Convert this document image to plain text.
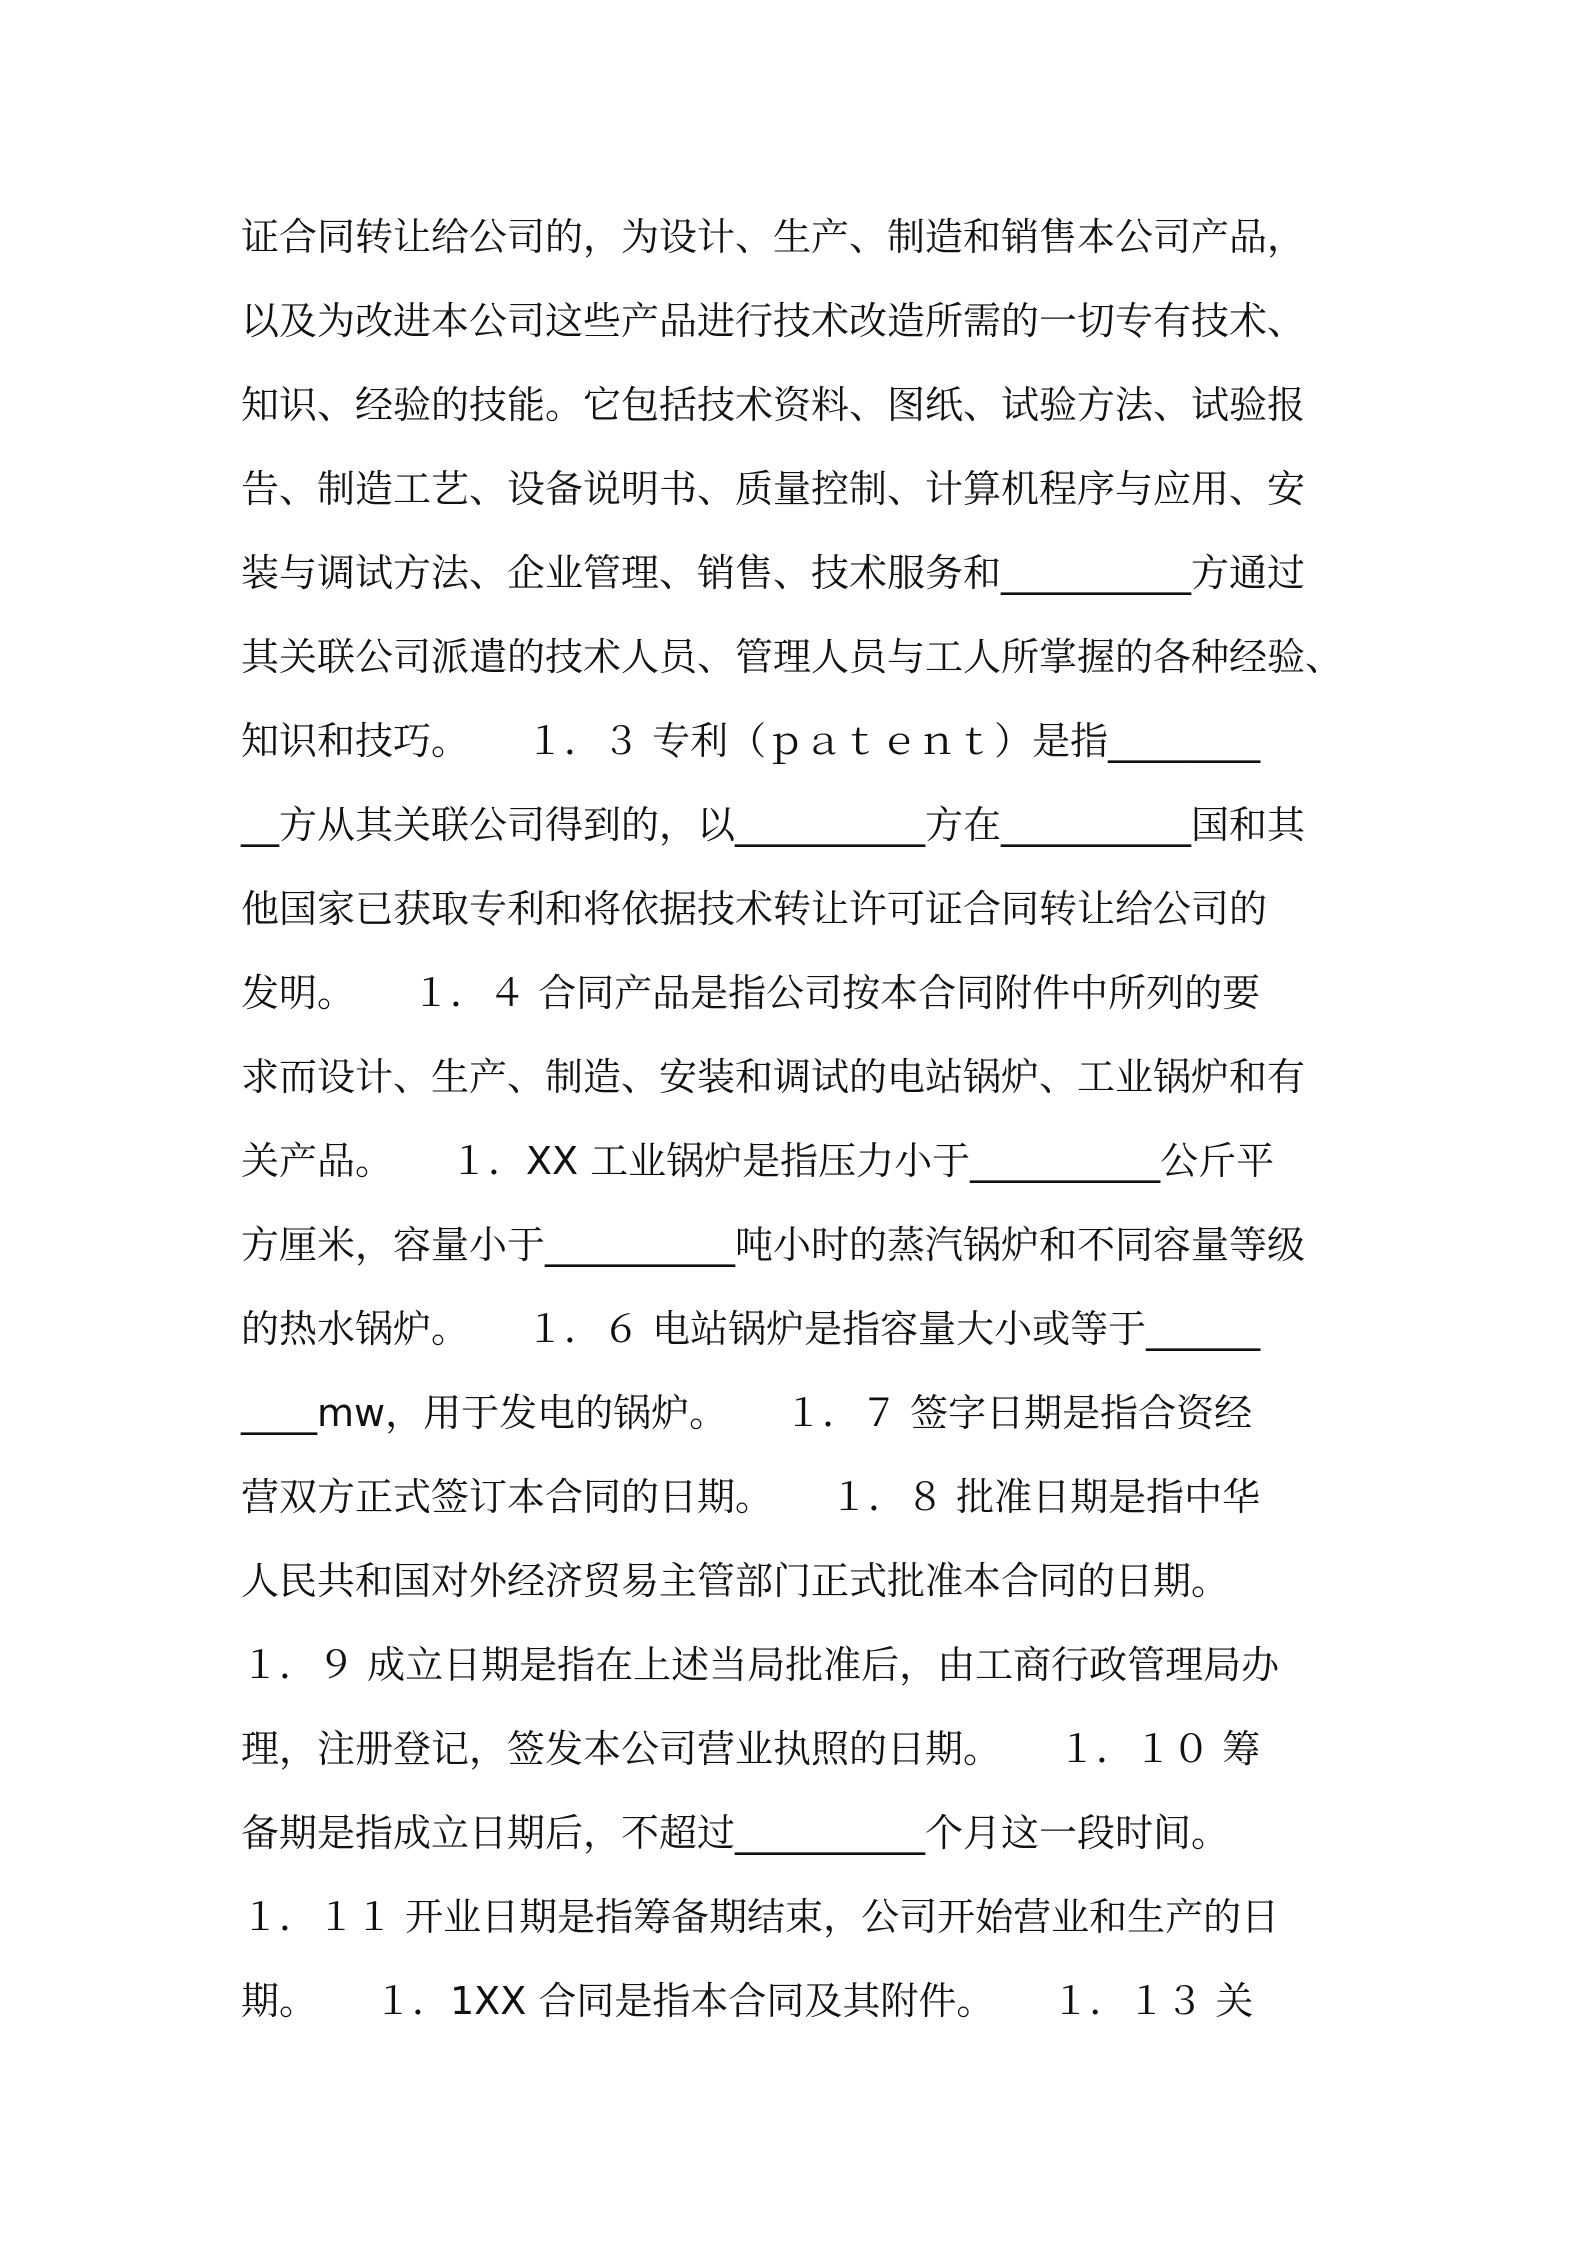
证合同转让给公司的，为设计、生产、制造和销售本公司产品，
以及为改进本公司这些产品进行技术改造所需的一切专有技术、
知识、经验的技能。它包括技术资料、图纸、试验方法、试验报
告、制造工艺、设备说明书、质量控制、计算机程序与应用、安
装与调试方法、企业管理、销售、技术服务和__________方通过
其关联公司派遣的技术人员、管理人员与工人所掌握的各种经验、
知识和技巧。　　１．３ 专利（ｐａｔｅｎｔ）是指________
__方从其关联公司得到的，以__________方在__________国和其
他国家已获取专利和将依据技术转让许可证合同转让给公司的
发明。　　１．４ 合同产品是指公司按本合同附件中所列的要
求而设计、生产、制造、安装和调试的电站锅炉、工业锅炉和有
关产品。　　１．XX 工业锅炉是指压力小于__________公斤平
方厘米，容量小于__________吨小时的蒸汽锅炉和不同容量等级
的热水锅炉。　　１．６ 电站锅炉是指容量大小或等于______
____mw，用于发电的锅炉。　　１．７ 签字日期是指合资经
营双方正式签订本合同的日期。　　１．８ 批准日期是指中华
人民共和国对外经济贸易主管部门正式批准本合同的日期。
１．９ 成立日期是指在上述当局批准后，由工商行政管理局办
理，注册登记，签发本公司营业执照的日期。　　１．１０ 筹
备期是指成立日期后，不超过__________个月这一段时间。
１．１１ 开业日期是指筹备期结束，公司开始营业和生产的日
期。　　１．1XX 合同是指本合同及其附件。　　１．１３ 关
